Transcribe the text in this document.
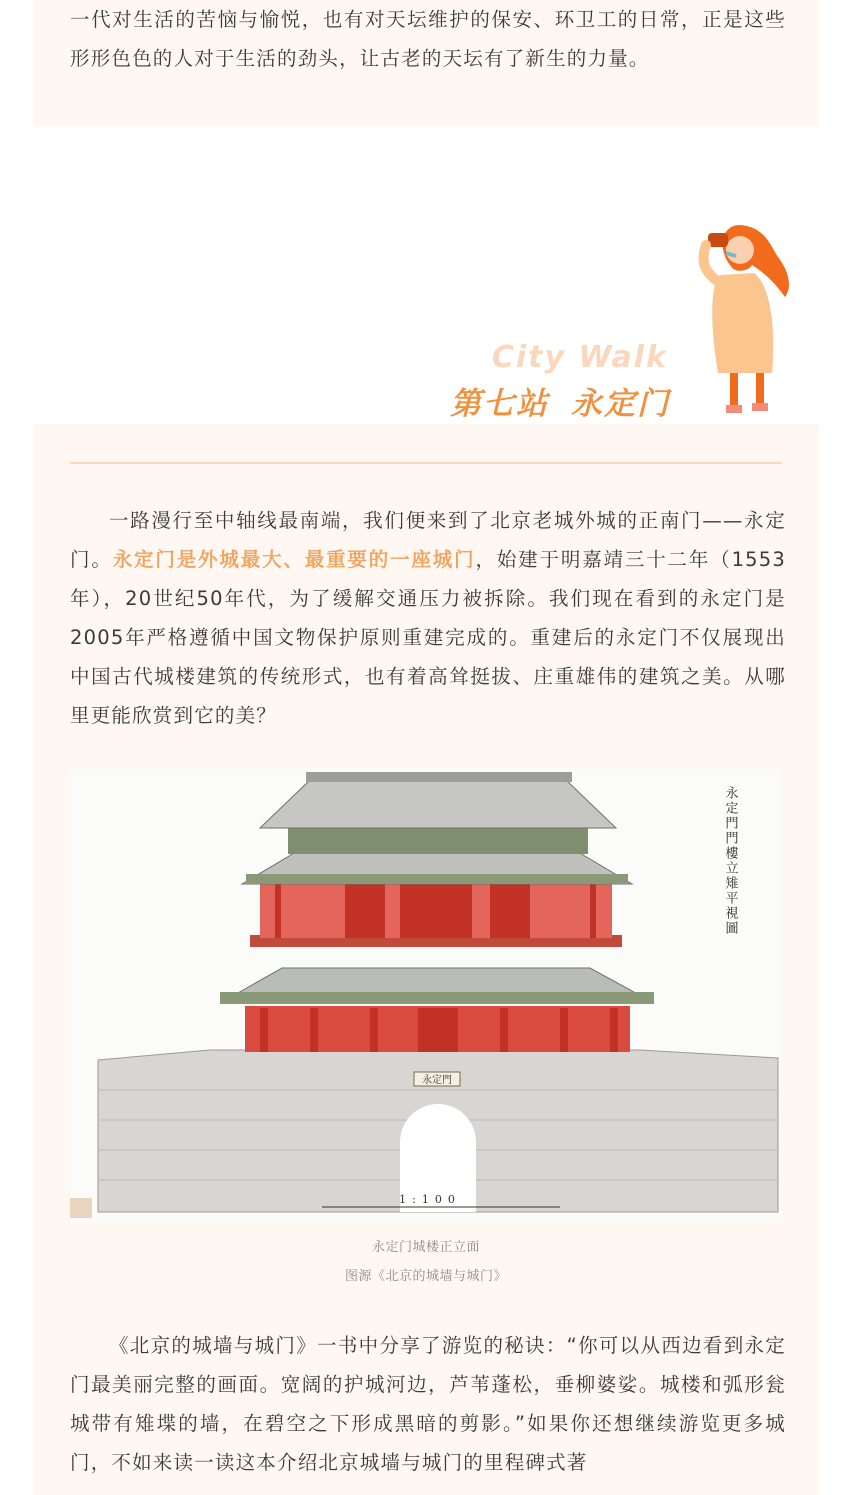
一代对生活的苦恼与愉悦，也有对天坛维护的保安、环卫工的日常，正是这些形形色色的人对于生活的劲头，让古老的天坛有了新生的力量。

City Walk
第七站 永定门

一路漫行至中轴线最南端，我们便来到了北京老城外城的正南门——永定门。永定门是外城最大、最重要的一座城门，始建于明嘉靖三十二年（1553年），20世纪50年代，为了缓解交通压力被拆除。我们现在看到的永定门是2005年严格遵循中国文物保护原则重建完成的。重建后的永定门不仅展现出中国古代城楼建筑的传统形式，也有着高耸挺拔、庄重雄伟的建筑之美。从哪里更能欣赏到它的美？

永定門
1:100
永定門門樓立雉平視圖
永定门城楼正立面
图源《北京的城墙与城门》

《北京的城墙与城门》一书中分享了游览的秘诀：“你可以从西边看到永定门最美丽完整的画面。宽阔的护城河边，芦苇蓬松，垂柳婆娑。城楼和弧形瓮城带有雉堞的墙，在碧空之下形成黑暗的剪影。”如果你还想继续游览更多城门，不如来读一读这本介绍北京城墙与城门的里程碑式著
